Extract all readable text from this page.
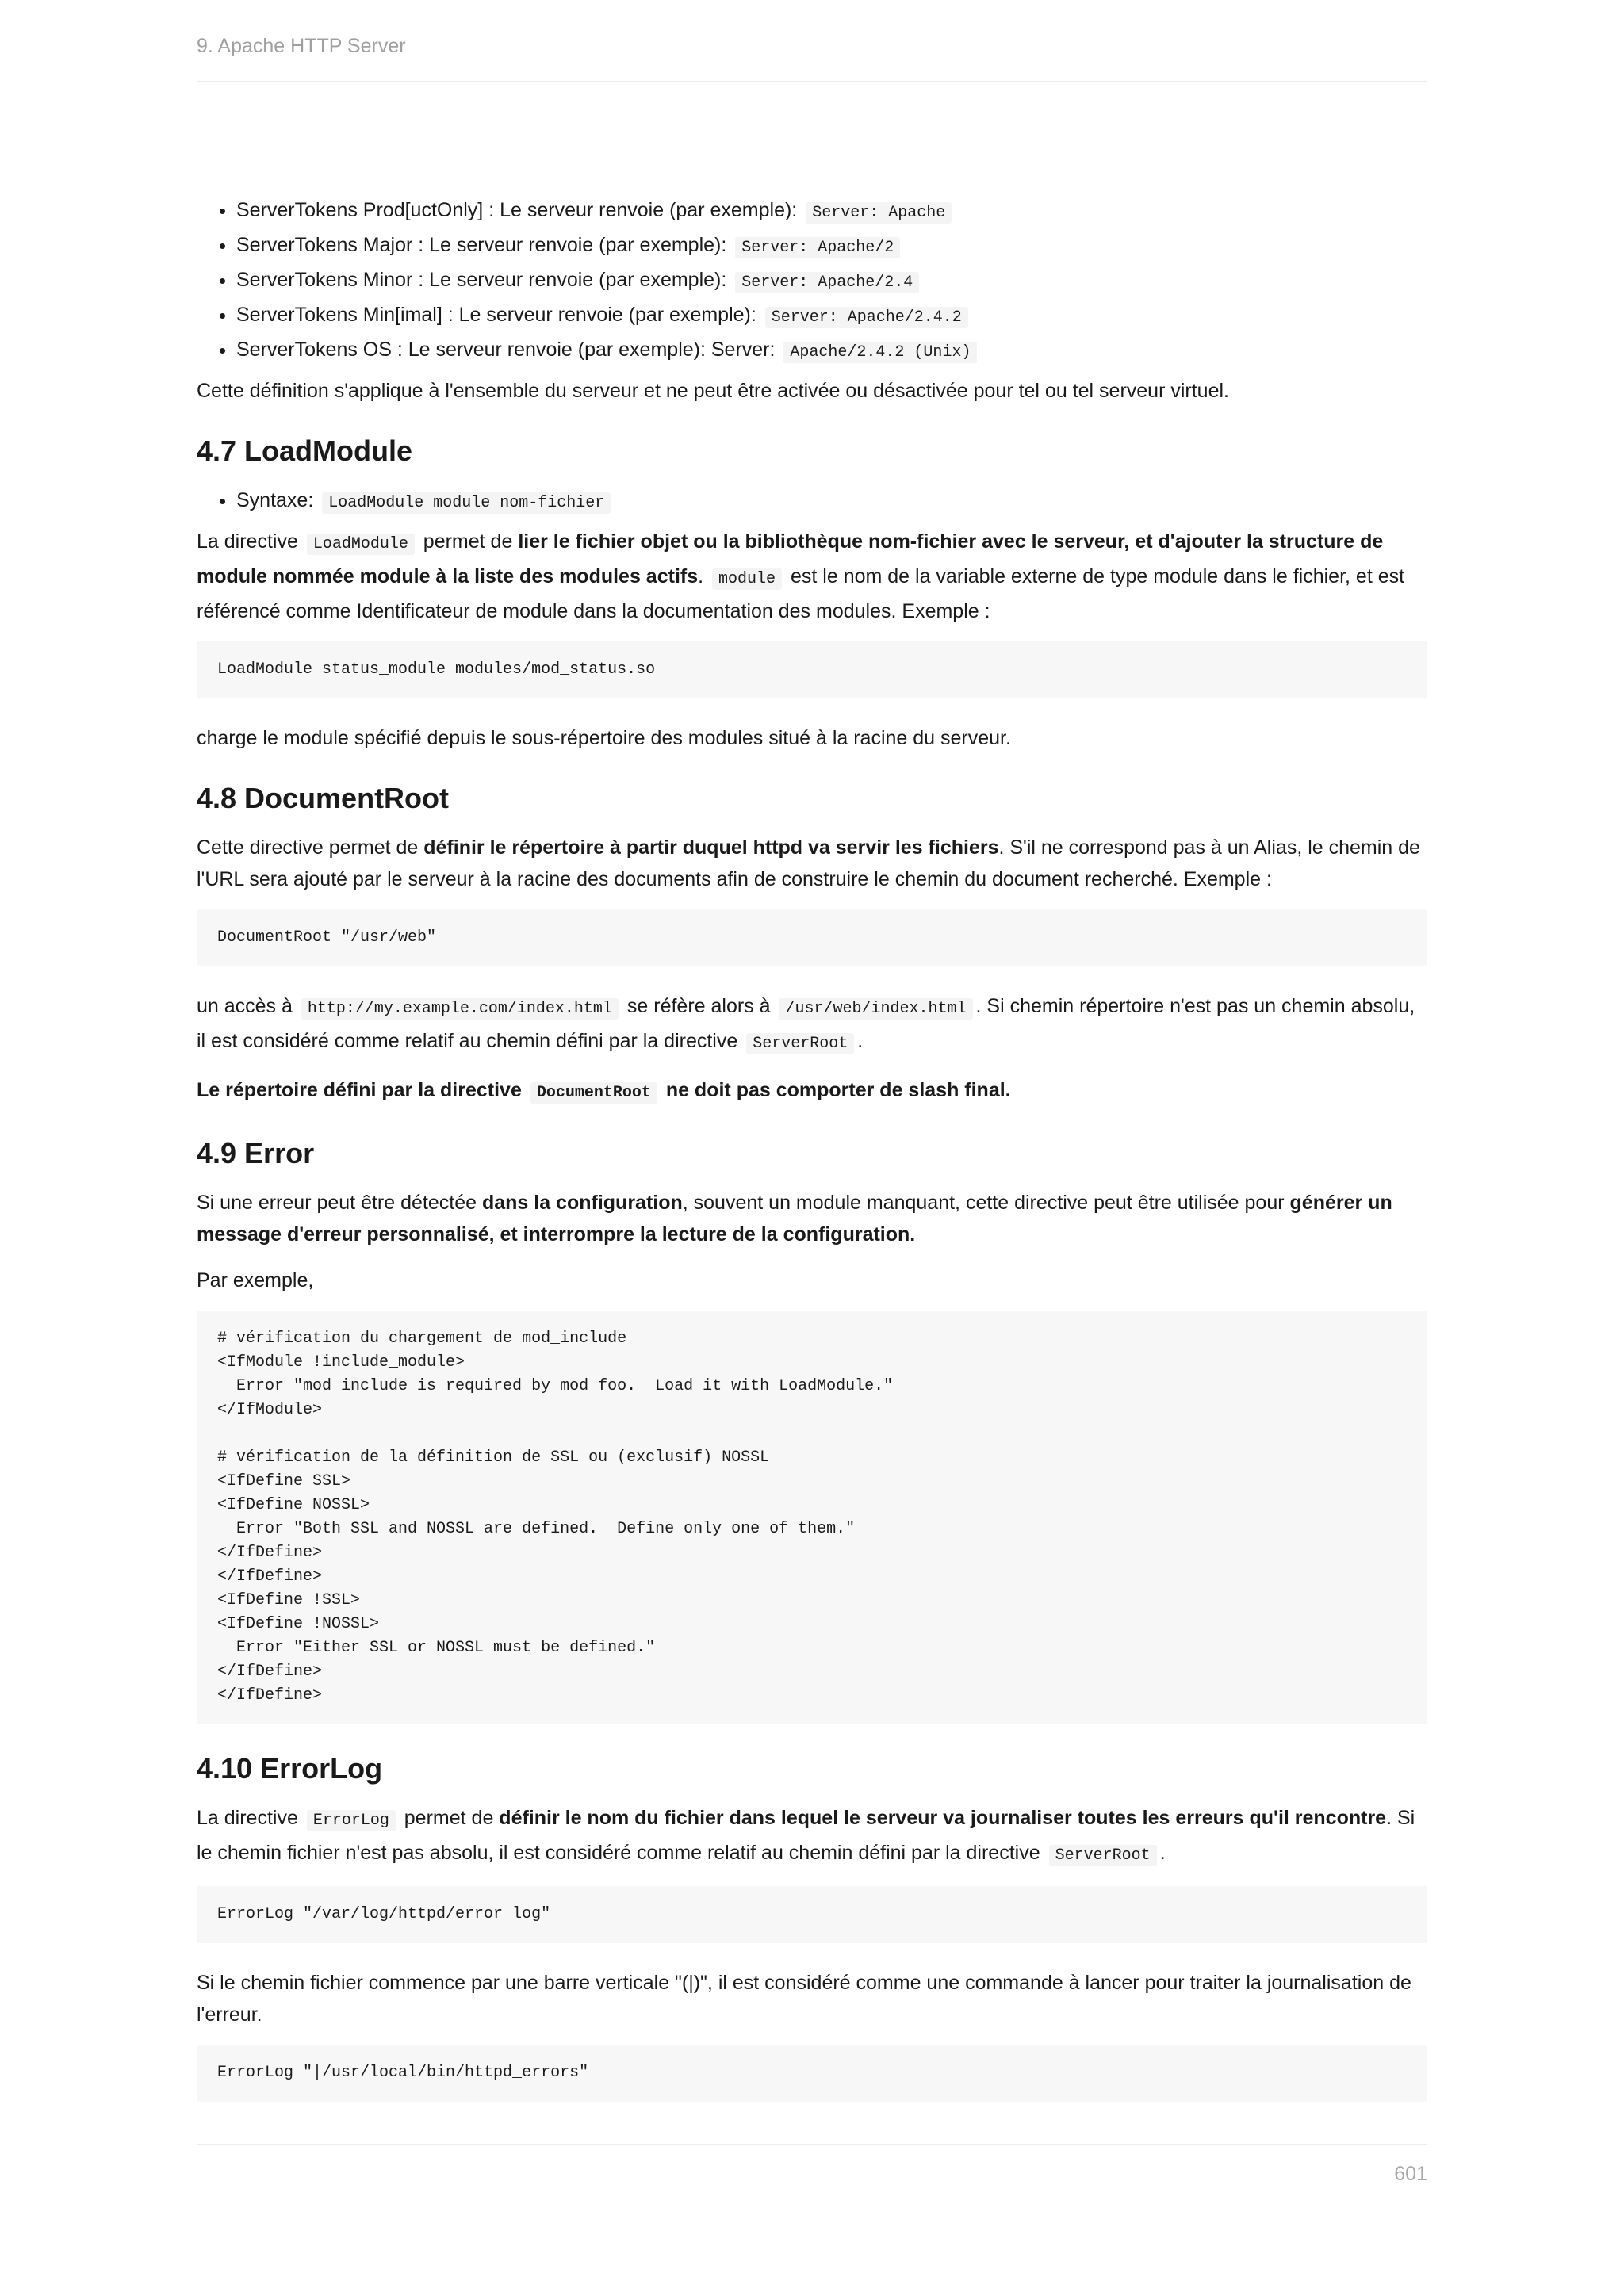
9. Apache HTTP Server
• ServerTokens Prod[uctOnly] : Le serveur renvoie (par exemple): Server: Apache
• ServerTokens Major : Le serveur renvoie (par exemple): Server: Apache/2
• ServerTokens Minor : Le serveur renvoie (par exemple): Server: Apache/2.4
• ServerTokens Min[imal] : Le serveur renvoie (par exemple): Server: Apache/2.4.2
• ServerTokens OS : Le serveur renvoie (par exemple): Server: Apache/2.4.2 (Unix)

Cette définition s'applique à l'ensemble du serveur et ne peut être activée ou désactivée pour tel ou tel serveur virtuel.

4.7 LoadModule
• Syntaxe: LoadModule module nom-fichier

La directive LoadModule permet de lier le fichier objet ou la bibliothèque nom-fichier avec le serveur, et d'ajouter la structure de module nommée module à la liste des modules actifs. module est le nom de la variable externe de type module dans le fichier, et est référencé comme Identificateur de module dans la documentation des modules. Exemple :

LoadModule status_module modules/mod_status.so

charge le module spécifié depuis le sous-répertoire des modules situé à la racine du serveur.

4.8 DocumentRoot

Cette directive permet de définir le répertoire à partir duquel httpd va servir les fichiers. S'il ne correspond pas à un Alias, le chemin de l'URL sera ajouté par le serveur à la racine des documents afin de construire le chemin du document recherché. Exemple :

DocumentRoot "/usr/web"

un accès à http://my.example.com/index.html se réfère alors à /usr/web/index.html . Si chemin répertoire n'est pas un chemin absolu, il est considéré comme relatif au chemin défini par la directive ServerRoot .

Le répertoire défini par la directive DocumentRoot ne doit pas comporter de slash final.

4.9 Error

Si une erreur peut être détectée dans la configuration, souvent un module manquant, cette directive peut être utilisée pour générer un message d'erreur personnalisé, et interrompre la lecture de la configuration.

Par exemple,

# vérification du chargement de mod_include
<IfModule !include_module>
Error "mod_include is required by mod_foo.  Load it with LoadModule."
</IfModule>

# vérification de la définition de SSL ou (exclusif) NOSSL
<IfDefine SSL>
<IfDefine NOSSL>
Error "Both SSL and NOSSL are defined.  Define only one of them."
</IfDefine>
</IfDefine>
<IfDefine !SSL>
<IfDefine !NOSSL>
Error "Either SSL or NOSSL must be defined."
</IfDefine>
</IfDefine>
4.10 ErrorLog

La directive ErrorLog permet de définir le nom du fichier dans lequel le serveur va journaliser toutes les erreurs qu'il rencontre. Si le chemin fichier n'est pas absolu, il est considéré comme relatif au chemin défini par la directive ServerRoot .

ErrorLog "/var/log/httpd/error_log"

Si le chemin fichier commence par une barre verticale "(|)", il est considéré comme une commande à lancer pour traiter la journalisation de l'erreur.

ErrorLog "|/usr/local/bin/httpd_errors"
601
